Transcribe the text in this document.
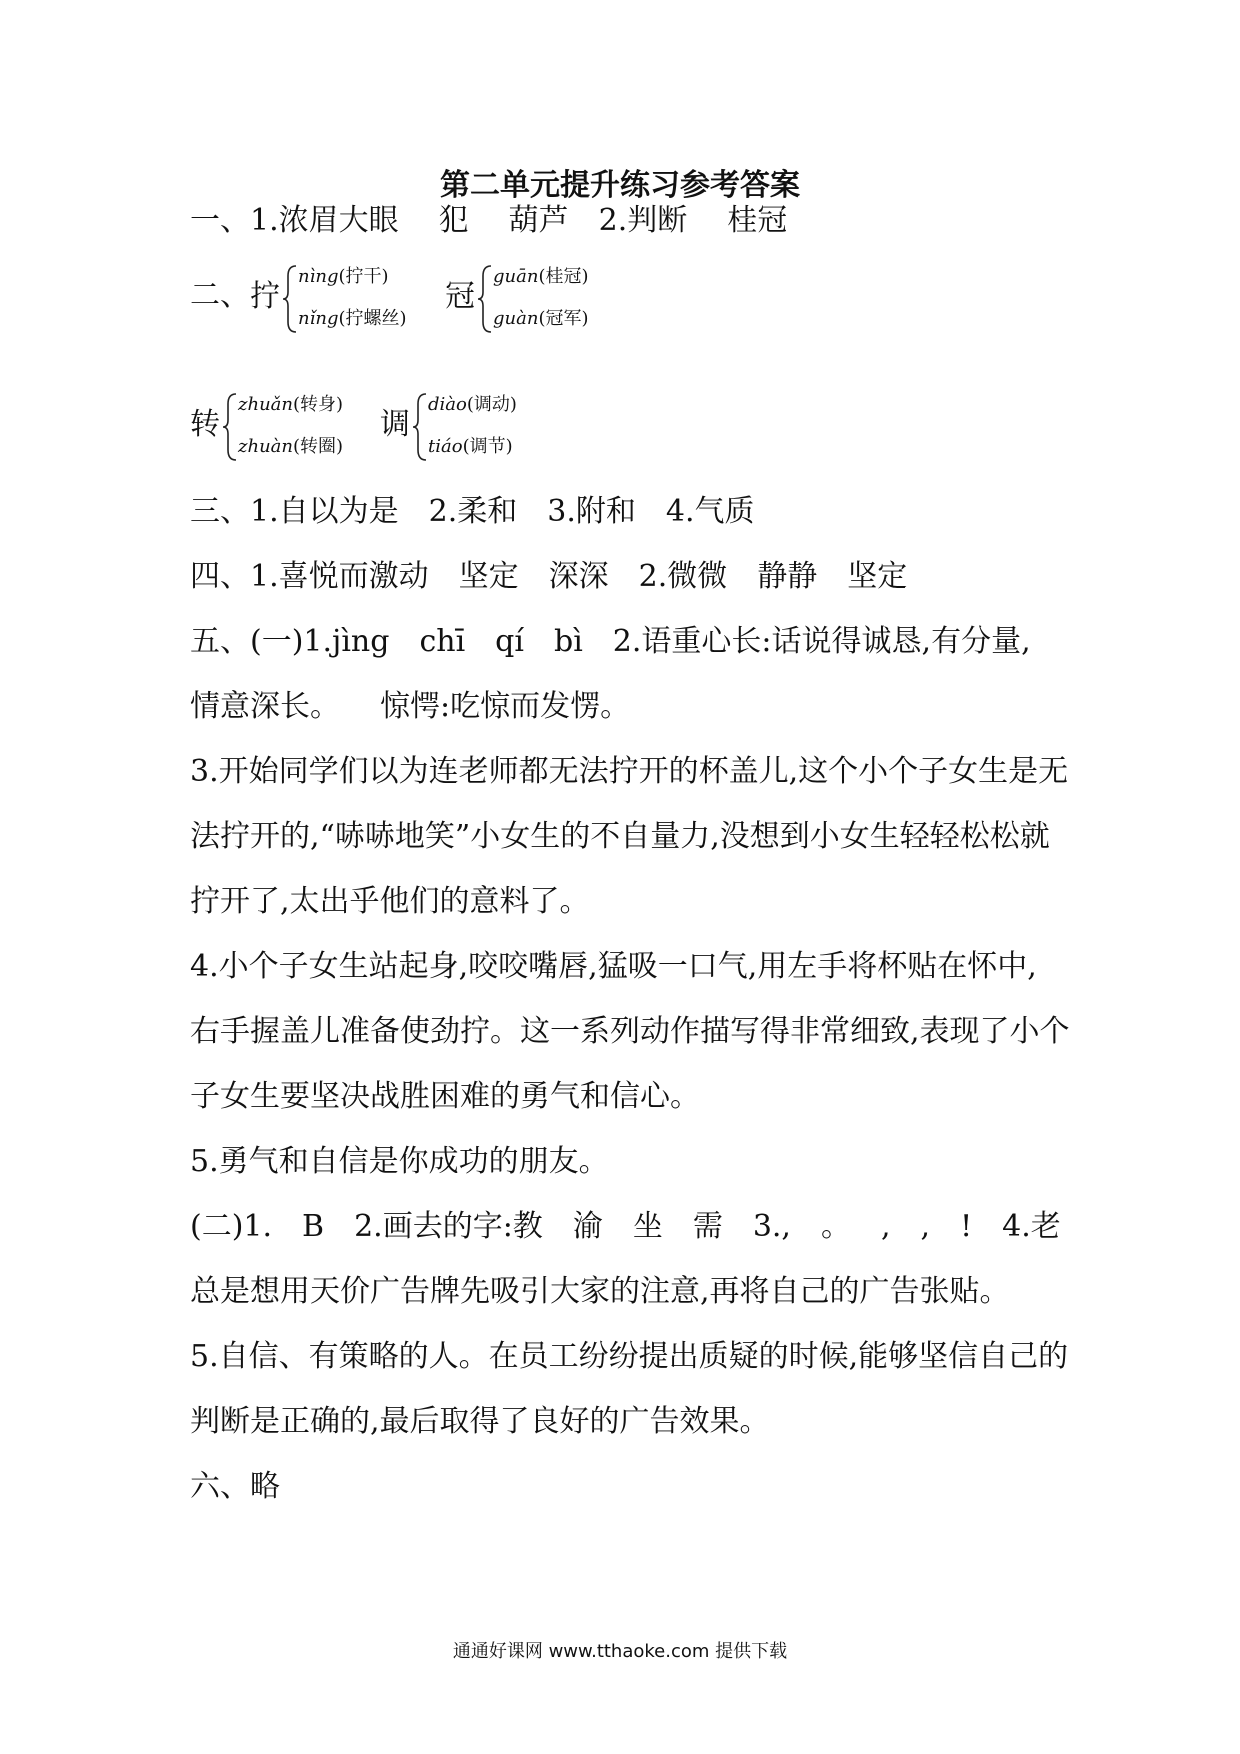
第二单元提升练习参考答案
一、1.浓眉大眼 犯 葫芦 2.判断 桂冠
二、 拧
nìng(拧干)
nǐng(拧螺丝)
冠
guān(桂冠)
guàn(冠军)
转
zhuǎn(转身)
zhuàn(转圈)
调
diào(调动)
tiáo(调节)
三、1.自以为是 2.柔和 3.附和 4.气质
四、1.喜悦而激动 坚定 深深 2.微微 静静 坚定
五、(一)1.jìng chī qí bì 2.语重心长:话说得诚恳,有分量,
情意深长。 惊愕:吃惊而发愣。
3.开始同学们以为连老师都无法拧开的杯盖儿,这个小个子女生是无
法拧开的,“哧哧地笑”小女生的不自量力,没想到小女生轻轻松松就
拧开了,太出乎他们的意料了。
4.小个子女生站起身,咬咬嘴唇,猛吸一口气,用左手将杯贴在怀中,
右手握盖儿准备使劲拧。这一系列动作描写得非常细致,表现了小个
子女生要坚决战胜困难的勇气和信心。
5.勇气和自信是你成功的朋友。
(二)1. B 2.画去的字:教 渝 坐 需 3., 。 , , ! 4.老
总是想用天价广告牌先吸引大家的注意,再将自己的广告张贴。
5.自信、有策略的人。在员工纷纷提出质疑的时候,能够坚信自己的
判断是正确的,最后取得了良好的广告效果。
六、略
通通好课网 www.tthaoke.com 提供下载
